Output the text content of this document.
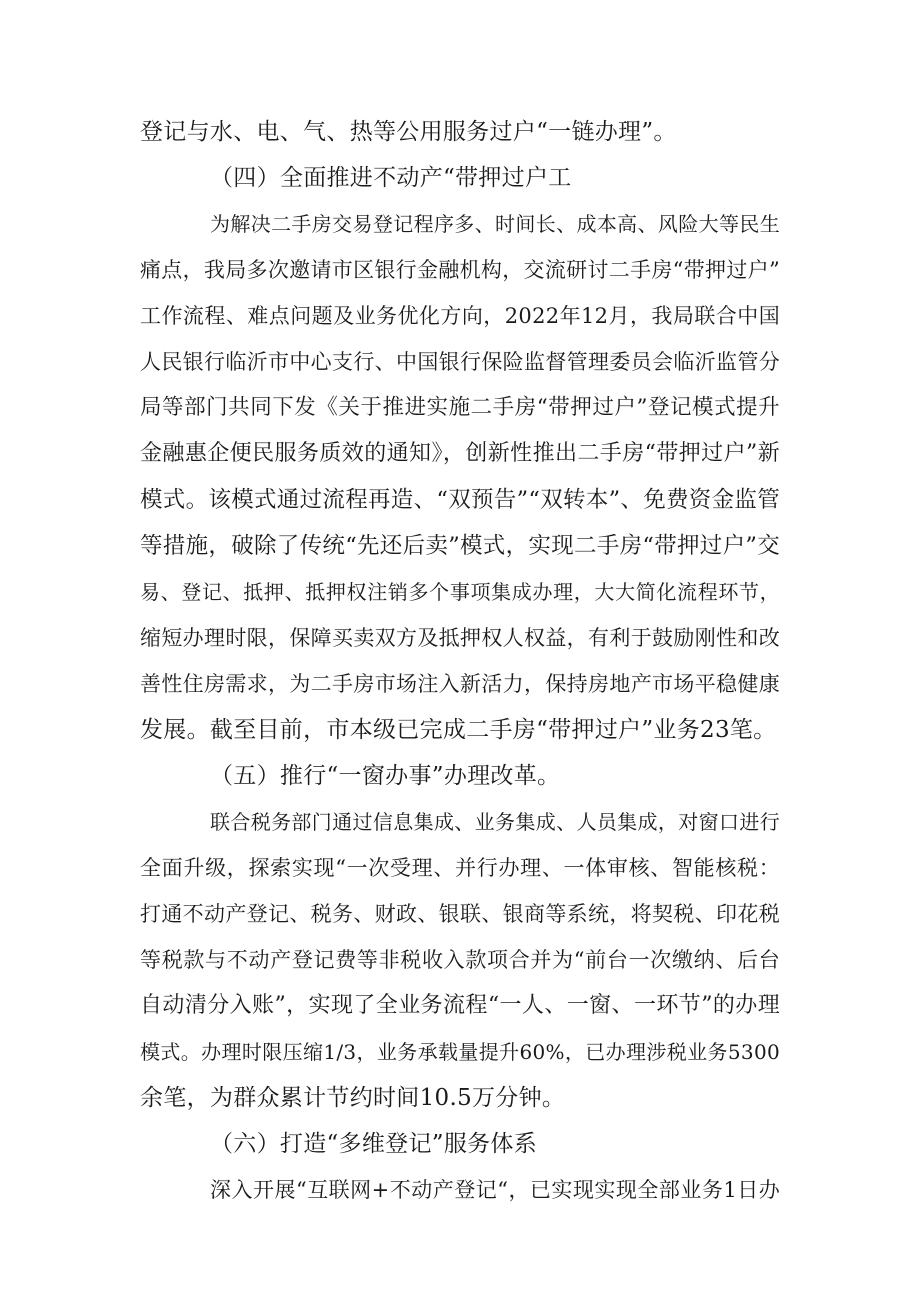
登记与水、电、气、热等公用服务过户“一链办理”。
（四）全面推进不动产“带押过户工
为解决二手房交易登记程序多、时间长、成本高、风险大等民生
痛点，我局多次邀请市区银行金融机构，交流研讨二手房“带押过户”
工作流程、难点问题及业务优化方向，2022年12月，我局联合中国
人民银行临沂市中心支行、中国银行保险监督管理委员会临沂监管分
局等部门共同下发《关于推进实施二手房“带押过户”登记模式提升
金融惠企便民服务质效的通知》，创新性推出二手房“带押过户”新
模式。该模式通过流程再造、“双预告”“双转本”、免费资金监管
等措施，破除了传统“先还后卖”模式，实现二手房“带押过户”交
易、登记、抵押、抵押权注销多个事项集成办理，大大简化流程环节，
缩短办理时限，保障买卖双方及抵押权人权益，有利于鼓励刚性和改
善性住房需求，为二手房市场注入新活力，保持房地产市场平稳健康
发展。截至目前，市本级已完成二手房“带押过户”业务23笔。
（五）推行“一窗办事”办理改革。
联合税务部门通过信息集成、业务集成、人员集成，对窗口进行
全面升级，探索实现“一次受理、并行办理、一体审核、智能核税：
打通不动产登记、税务、财政、银联、银商等系统，将契税、印花税
等税款与不动产登记费等非税收入款项合并为“前台一次缴纳、后台
自动清分入账”，实现了全业务流程“一人、一窗、一环节”的办理
模式。办理时限压缩1/3，业务承载量提升60%，已办理涉税业务5300
余笔，为群众累计节约时间10.5万分钟。
（六）打造“多维登记”服务体系
深入开展“互联网+不动产登记“，已实现实现全部业务1日办
